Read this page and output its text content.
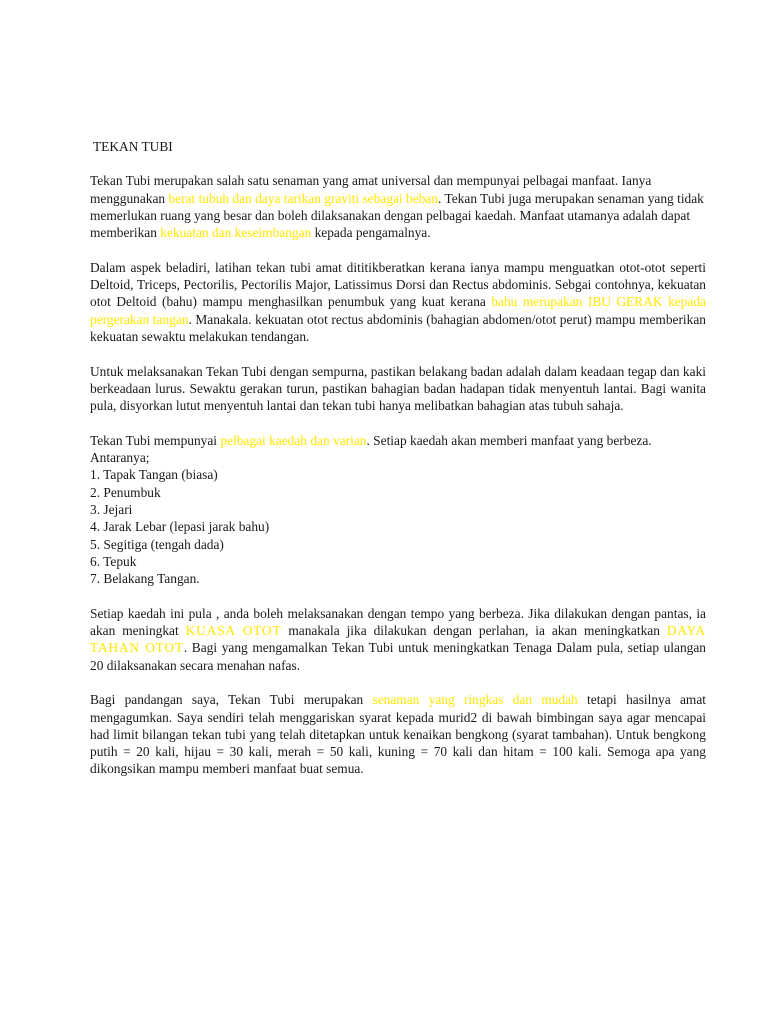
TEKAN TUBI

Tekan Tubi merupakan salah satu senaman yang amat universal dan mempunyai pelbagai manfaat. Ianya menggunakan berat tubuh dan daya tarikan graviti sebagai beban. Tekan Tubi juga merupakan senaman yang tidak memerlukan ruang yang besar dan boleh dilaksanakan dengan pelbagai kaedah. Manfaat utamanya adalah dapat memberikan kekuatan dan keseimbangan kepada pengamalnya.

Dalam aspek beladiri, latihan tekan tubi amat dititikberatkan kerana ianya mampu menguatkan otot-otot seperti Deltoid, Triceps, Pectorilis, Pectorilis Major, Latissimus Dorsi dan Rectus abdominis. Sebgai contohnya, kekuatan otot Deltoid (bahu) mampu menghasilkan penumbuk yang kuat kerana bahu merupakan IBU GERAK kepada pergerakan tangan. Manakala. kekuatan otot rectus abdominis (bahagian abdomen/otot perut) mampu memberikan kekuatan sewaktu melakukan tendangan.

Untuk melaksanakan Tekan Tubi dengan sempurna, pastikan belakang badan adalah dalam keadaan tegap dan kaki berkeadaan lurus. Sewaktu gerakan turun, pastikan bahagian badan hadapan tidak menyentuh lantai. Bagi wanita pula, disyorkan lutut menyentuh lantai dan tekan tubi hanya melibatkan bahagian atas tubuh sahaja.

Tekan Tubi mempunyai pelbagai kaedah dan varian. Setiap kaedah akan memberi manfaat yang berbeza. Antaranya;

1. Tapak Tangan (biasa)
2. Penumbuk
3. Jejari
4. Jarak Lebar (lepasi jarak bahu)
5. Segitiga (tengah dada)
6. Tepuk
7. Belakang Tangan.

Setiap kaedah ini pula , anda boleh melaksanakan dengan tempo yang berbeza. Jika dilakukan dengan pantas, ia akan meningkat KUASA OTOT manakala jika dilakukan dengan perlahan, ia akan meningkatkan DAYA TAHAN OTOT. Bagi yang mengamalkan Tekan Tubi untuk meningkatkan Tenaga Dalam pula, setiap ulangan 20 dilaksanakan secara menahan nafas.

Bagi pandangan saya, Tekan Tubi merupakan senaman yang ringkas dan mudah tetapi hasilnya amat mengagumkan. Saya sendiri telah menggariskan syarat kepada murid2 di bawah bimbingan saya agar mencapai had limit bilangan tekan tubi yang telah ditetapkan untuk kenaikan bengkong (syarat tambahan). Untuk bengkong putih = 20 kali, hijau = 30 kali, merah = 50 kali, kuning = 70 kali dan hitam = 100 kali. Semoga apa yang dikongsikan mampu memberi manfaat buat semua.
